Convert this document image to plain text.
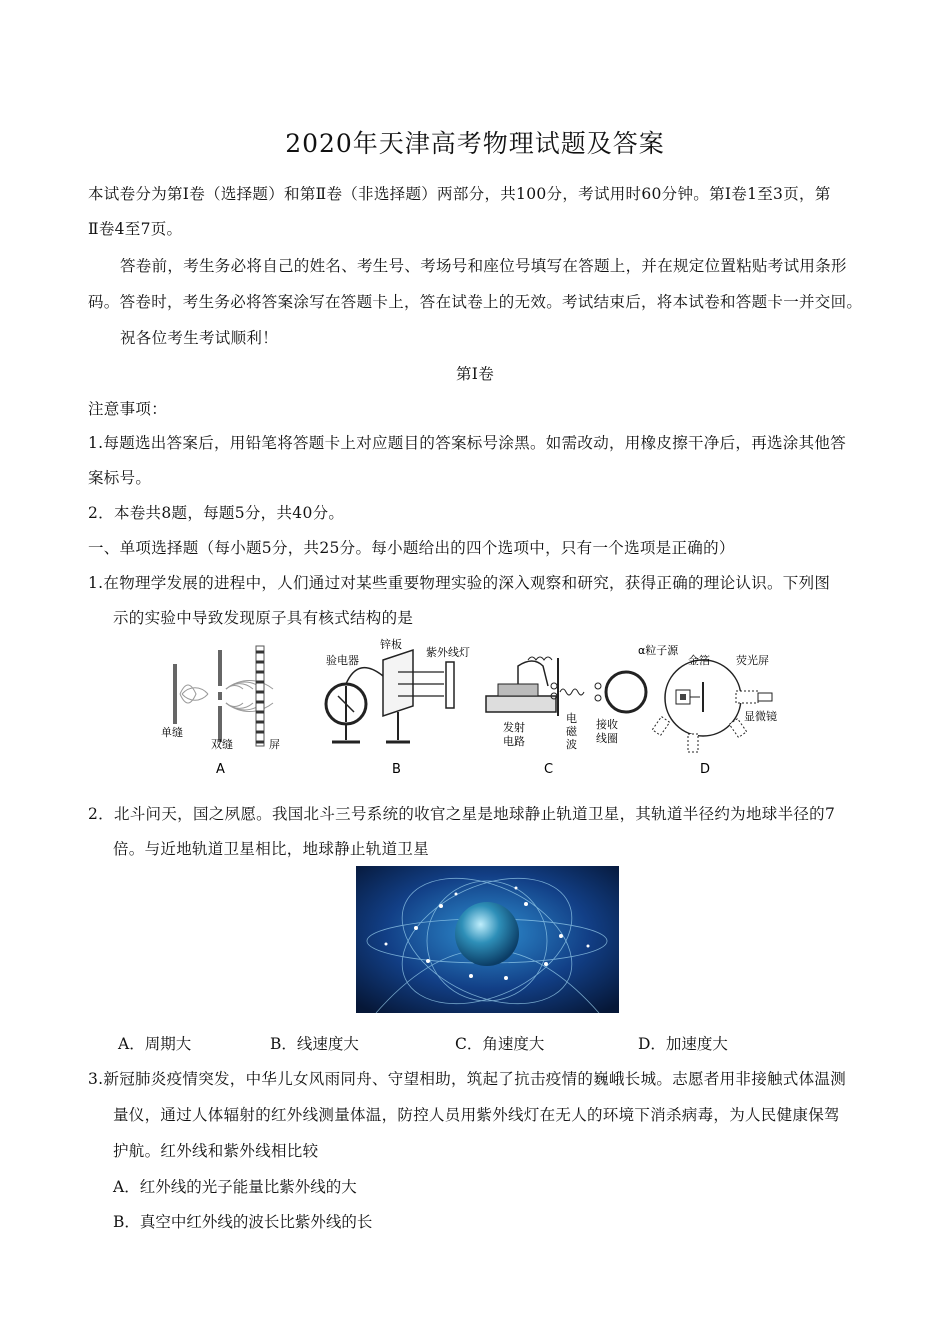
2020年天津高考物理试题及答案
本试卷分为第Ⅰ卷（选择题）和第Ⅱ卷（非选择题）两部分，共100分，考试用时60分钟。第Ⅰ卷1至3页，第
Ⅱ卷4至7页。
答卷前，考生务必将自己的姓名、考生号、考场号和座位号填写在答题上，并在规定位置粘贴考试用条形
码。答卷时，考生务必将答案涂写在答题卡上，答在试卷上的无效。考试结束后，将本试卷和答题卡一并交回。
祝各位考生考试顺利！
第Ⅰ卷
注意事项：
1.每题选出答案后，用铅笔将答题卡上对应题目的答案标号涂黑。如需改动，用橡皮擦干净后，再选涂其他答
案标号。
2．本卷共8题，每题5分，共40分。
一、单项选择题（每小题5分，共25分。每小题给出的四个选项中，只有一个选项是正确的）
1.在物理学发展的进程中，人们通过对某些重要物理实验的深入观察和研究，获得正确的理论认识。下列图
示的实验中导致发现原子具有核式结构的是
单缝
双缝	屏
A
验电器
锌板
紫外线灯
B
发射
电路
电
磁
波
接收
线圈
C
α粒子源
金箔 荧光屏
显微镜
D
2．北斗问天，国之夙愿。我国北斗三号系统的收官之星是地球静止轨道卫星，其轨道半径约为地球半径的7
倍。与近地轨道卫星相比，地球静止轨道卫星
A．周期大	B．线速度大	C．角速度大	D．加速度大
3.新冠肺炎疫情突发，中华儿女风雨同舟、守望相助，筑起了抗击疫情的巍峨长城。志愿者用非接触式体温测
量仪，通过人体辐射的红外线测量体温，防控人员用紫外线灯在无人的环境下消杀病毒，为人民健康保驾
护航。红外线和紫外线相比较
A．红外线的光子能量比紫外线的大
B．真空中红外线的波长比紫外线的长
